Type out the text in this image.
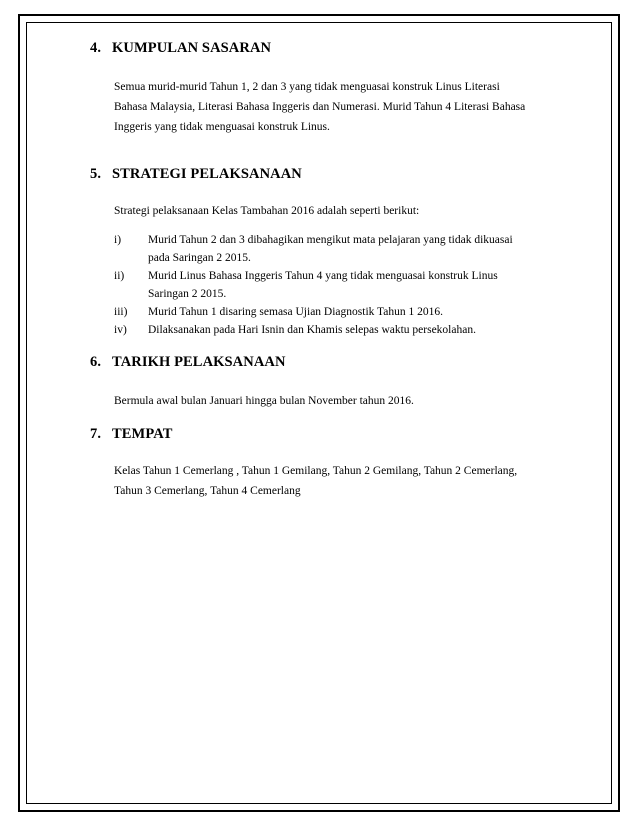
4. KUMPULAN SASARAN

Semua murid-murid Tahun 1, 2 dan 3 yang tidak menguasai konstruk Linus Literasi

Bahasa Malaysia, Literasi Bahasa Inggeris dan Numerasi. Murid Tahun 4 Literasi Bahasa

Inggeris yang tidak menguasai konstruk Linus.

5. STRATEGI PELAKSANAAN

Strategi pelaksanaan Kelas Tambahan 2016 adalah seperti berikut:

i)	Murid Tahun 2 dan 3 dibahagikan mengikut mata pelajaran yang tidak dikuasai
pada Saringan 2 2015.
ii)	Murid Linus Bahasa Inggeris Tahun 4 yang tidak menguasai konstruk Linus
Saringan 2 2015.
iii)	Murid Tahun 1 disaring semasa Ujian Diagnostik Tahun 1 2016.
iv)	Dilaksanakan pada Hari Isnin dan Khamis selepas waktu persekolahan.
6. TARIKH PELAKSANAAN

Bermula awal bulan Januari hingga bulan November tahun 2016.

7. TEMPAT

Kelas Tahun 1 Cemerlang , Tahun 1 Gemilang, Tahun 2 Gemilang, Tahun 2 Cemerlang,

Tahun 3 Cemerlang, Tahun 4 Cemerlang
